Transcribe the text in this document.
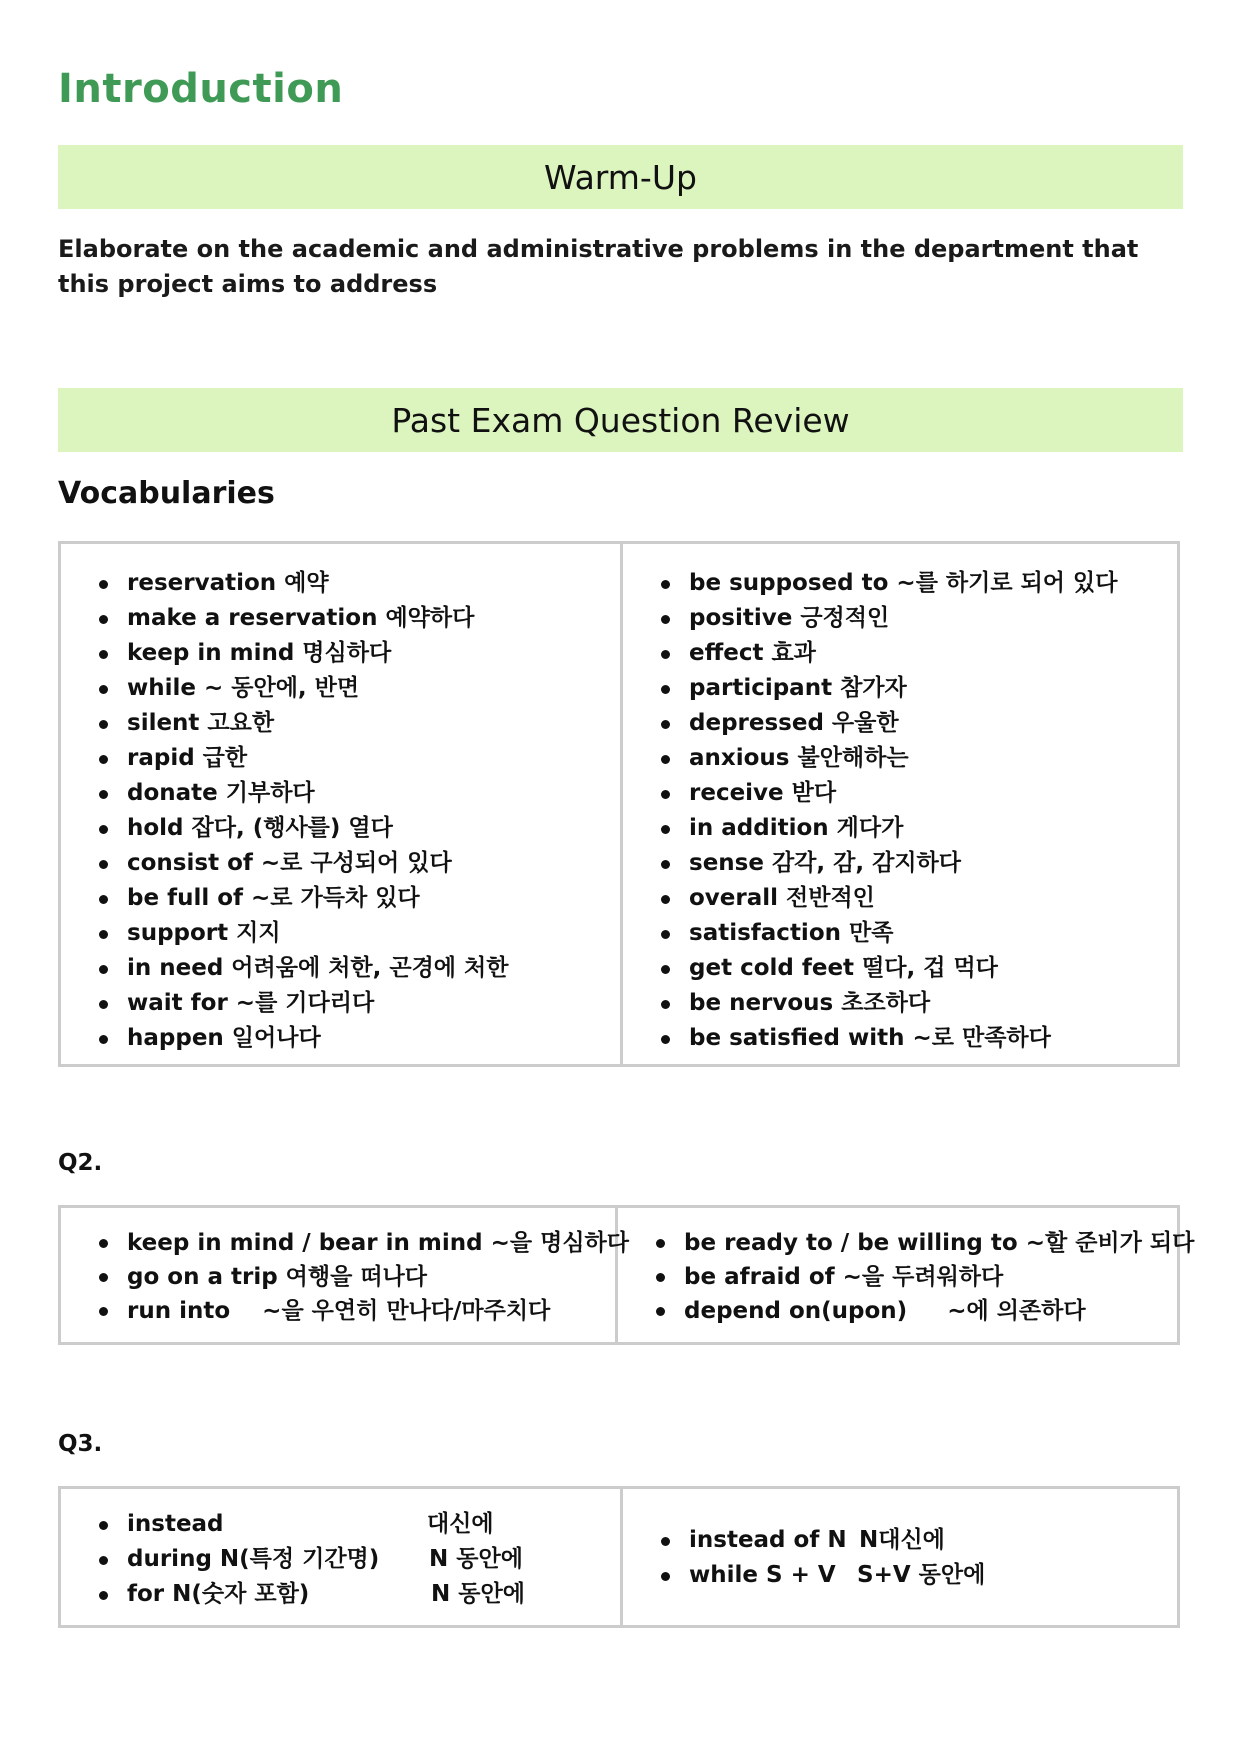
Introduction
Warm-Up
Elaborate on the academic and administrative problems in the department that this project aims to address
Past Exam Question Review
Vocabularies
reservation 예약
make a reservation 예약하다
keep in mind 명심하다
while ~ 동안에, 반면
silent 고요한
rapid 급한
donate 기부하다
hold 잡다, (행사를) 열다
consist of ~로 구성되어 있다
be full of ~로 가득차 있다
support 지지
in need 어려움에 처한, 곤경에 처한
wait for ~를 기다리다
happen 일어나다
be supposed to ~를 하기로 되어 있다
positive 긍정적인
effect 효과
participant 참가자
depressed 우울한
anxious 불안해하는
receive 받다
in addition 게다가
sense 감각, 감, 감지하다
overall 전반적인
satisfaction 만족
get cold feet 떨다, 겁 먹다
be nervous 초조하다
be satisfied with ~로 만족하다
Q2.
keep in mind / bear in mind ~을 명심하다
go on a trip 여행을 떠나다
run into    ~을 우연히 만나다/마주치다
be ready to / be willing to ~할 준비가 되다
be afraid of ~을 두려워하다
depend on(upon)     ~에 의존하다
Q3.
instead	대신에
during N(특정 기간명) N 동안에
for N(숫자 포함)	N 동안에
instead of N N대신에
while S + V S+V 동안에
